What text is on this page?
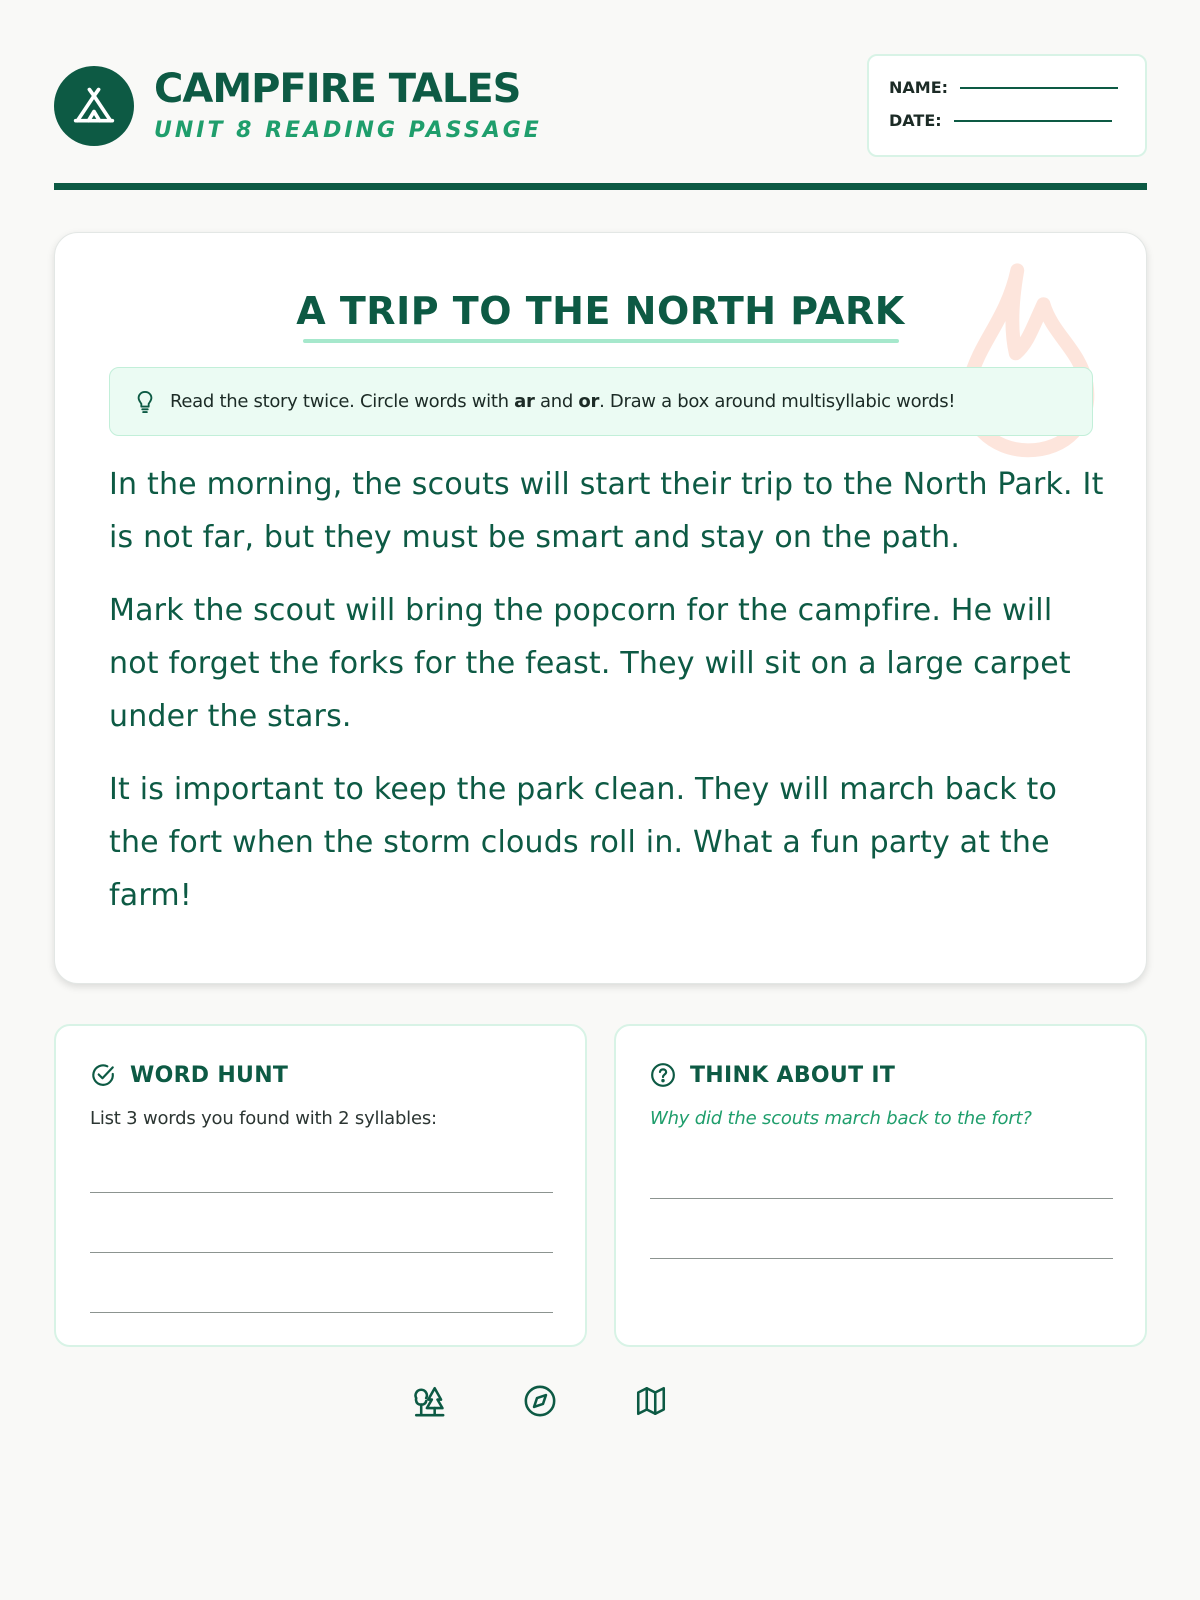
CAMPFIRE TALES
UNIT 8 READING PASSAGE
NAME:
DATE:
A TRIP TO THE NORTH PARK
Read the story twice. Circle words with ar and or. Draw a box around multisyllabic words!

In the morning, the scouts will start their trip to the North Park. It is not far, but they must be smart and stay on the path.

Mark the scout will bring the popcorn for the campfire. He will not forget the forks for the feast. They will sit on a large carpet under the stars.

It is important to keep the park clean. They will march back to the fort when the storm clouds roll in. What a fun party at the farm!

WORD HUNT
List 3 words you found with 2 syllables:
THINK ABOUT IT
Why did the scouts march back to the fort?
